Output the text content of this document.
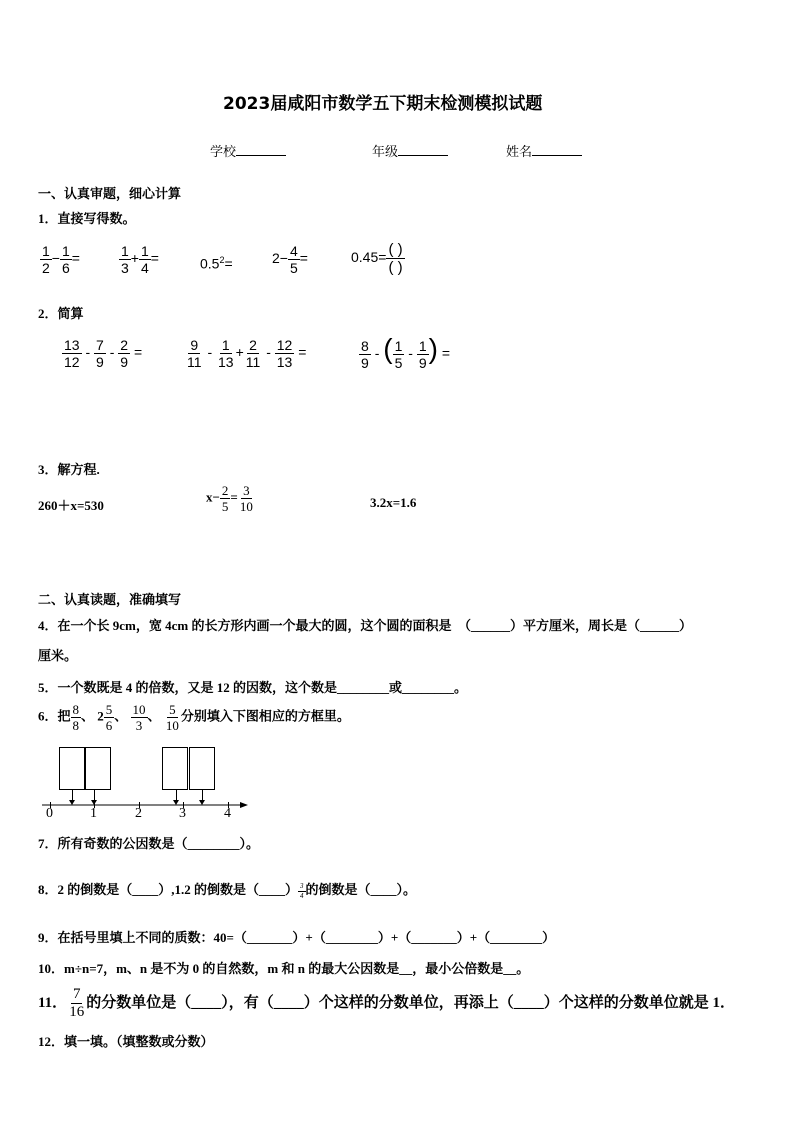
2023届咸阳市数学五下期末检测模拟试题
学校	年级	姓名
一、认真审题，细心计算
1．直接写得数。
$\frac{1}{2} - \frac{1}{6}$ =	$\frac{1}{3} + \frac{1}{4}$ =	$0.5^2=$	$2- \frac{4}{5}$ =	$0.45= \frac{( )}{( )}$
2．简算
$\frac{13}{12} - \frac{7}{9} - \frac{2}{9}$ =	$\frac{9}{11} - \frac{1}{13} + \frac{2}{11} - \frac{12}{13}$ =	$\frac{8}{9}$ - ( $\frac{1}{5} - \frac{1}{9}$ ) =
3．解方程.
260＋x=530
$x- \frac{2}{5} = \frac{3}{10}$	3.2x=1.6
二、认真读题，准确填写
4．在一个长 9cm，宽 4cm 的长方形内画一个最大的圆，这个圆的面积是　（______）平方厘米，周长是（______）
厘米。
5．一个数既是 4 的倍数，又是 12 的因数，这个数是________或________。
6．把 $\frac{8}{8}$ 、 $2 \frac{5}{6}$ 、 $\frac{10}{3}$ 、 $\frac{5}{10}$ 分别填入下图相应的方框里。
0	1	2	3	4
7．所有奇数的公因数是（________）。
8．2 的倒数是（____）,1.2 的倒数是（____） $\frac{3}{4}$ 的倒数是（____）。
9．在括号里填上不同的质数：40=（_______）+（________）+（_______）+（________）
10．m÷n=7，m、n 是不为 0 的自然数，m 和 n 的最大公因数是__，最小公倍数是__。
11． $\frac{7}{16}$ 的分数单位是（____），有（____）个这样的分数单位，再添上（____）个这样的分数单位就是 1．
12．填一填。（填整数或分数）
